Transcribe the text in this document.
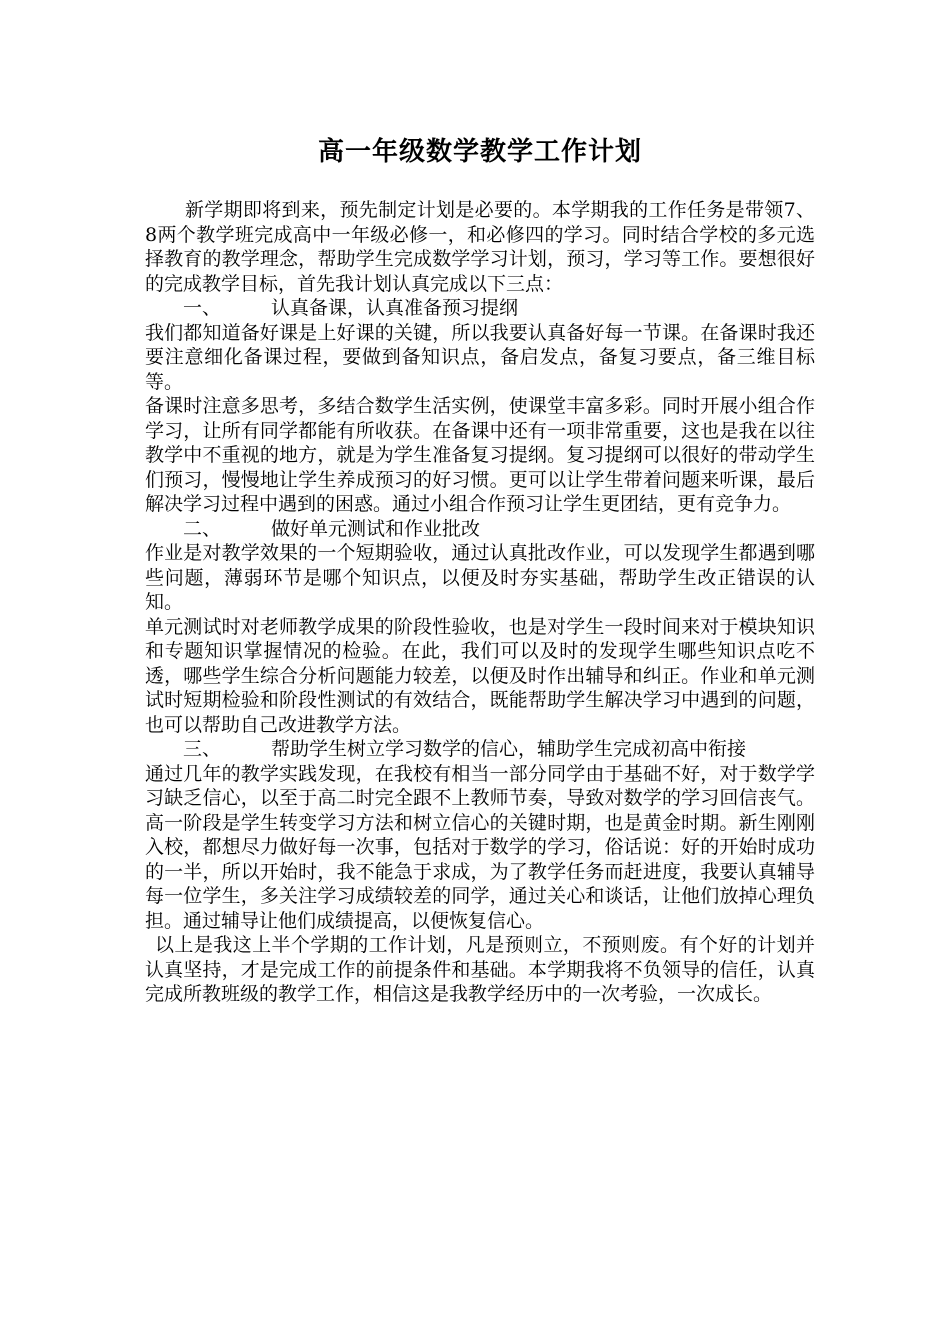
高一年级数学教学工作计划

新学期即将到来，预先制定计划是必要的。本学期我的工作任务是带领7、8两个教学班完成高中一年级必修一，和必修四的学习。同时结合学校的多元选择教育的教学理念，帮助学生完成数学学习计划，预习，学习等工作。要想很好的完成教学目标，首先我计划认真完成以下三点：

一、	认真备课，认真准备预习提纲

我们都知道备好课是上好课的关键，所以我要认真备好每一节课。在备课时我还要注意细化备课过程，要做到备知识点，备启发点，备复习要点，备三维目标等。

备课时注意多思考，多结合数学生活实例，使课堂丰富多彩。同时开展小组合作学习，让所有同学都能有所收获。在备课中还有一项非常重要，这也是我在以往教学中不重视的地方，就是为学生准备复习提纲。复习提纲可以很好的带动学生们预习，慢慢地让学生养成预习的好习惯。更可以让学生带着问题来听课，最后解决学习过程中遇到的困惑。通过小组合作预习让学生更团结，更有竞争力。

二、	做好单元测试和作业批改

作业是对教学效果的一个短期验收，通过认真批改作业，可以发现学生都遇到哪些问题，薄弱环节是哪个知识点，以便及时夯实基础，帮助学生改正错误的认知。

单元测试时对老师教学成果的阶段性验收，也是对学生一段时间来对于模块知识和专题知识掌握情况的检验。在此，我们可以及时的发现学生哪些知识点吃不透，哪些学生综合分析问题能力较差，以便及时作出辅导和纠正。作业和单元测试时短期检验和阶段性测试的有效结合，既能帮助学生解决学习中遇到的问题，也可以帮助自己改进教学方法。

三、	帮助学生树立学习数学的信心，辅助学生完成初高中衔接

通过几年的教学实践发现，在我校有相当一部分同学由于基础不好，对于数学学习缺乏信心，以至于高二时完全跟不上教师节奏，导致对数学的学习回信丧气。高一阶段是学生转变学习方法和树立信心的关键时期，也是黄金时期。新生刚刚入校，都想尽力做好每一次事，包括对于数学的学习，俗话说：好的开始时成功的一半，所以开始时，我不能急于求成，为了教学任务而赶进度，我要认真辅导每一位学生，多关注学习成绩较差的同学，通过关心和谈话，让他们放掉心理负担。通过辅导让他们成绩提高，以便恢复信心。

以上是我这上半个学期的工作计划，凡是预则立，不预则废。有个好的计划并认真坚持，才是完成工作的前提条件和基础。本学期我将不负领导的信任，认真完成所教班级的教学工作，相信这是我教学经历中的一次考验，一次成长。
